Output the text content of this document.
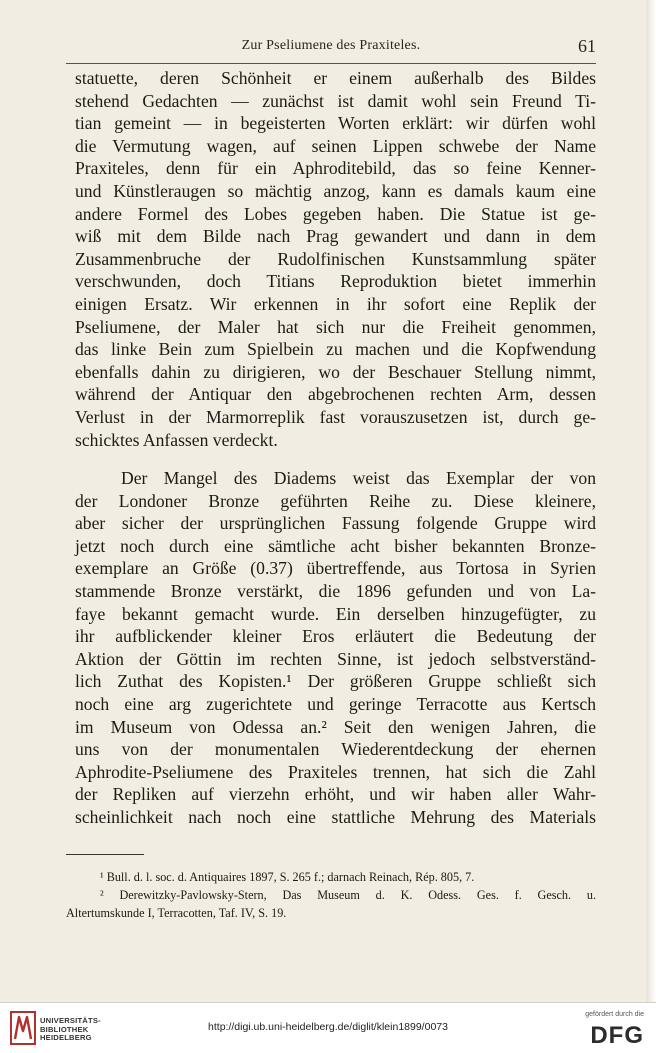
Zur Pseliumene des Praxiteles.	61
statuette, deren Schönheit er einem außerhalb des Bildes
stehend Gedachten — zunächst ist damit wohl sein Freund Ti-
tian gemeint — in begeisterten Worten erklärt: wir dürfen wohl
die Vermutung wagen, auf seinen Lippen schwebe der Name
Praxiteles, denn für ein Aphroditebild, das so feine Kenner-
und Künstleraugen so mächtig anzog, kann es damals kaum eine
andere Formel des Lobes gegeben haben. Die Statue ist ge-
wiß mit dem Bilde nach Prag gewandert und dann in dem
Zusammenbruche der Rudolfinischen Kunstsammlung später
verschwunden, doch Titians Reproduktion bietet immerhin
einigen Ersatz. Wir erkennen in ihr sofort eine Replik der
Pseliumene, der Maler hat sich nur die Freiheit genommen,
das linke Bein zum Spielbein zu machen und die Kopfwendung
ebenfalls dahin zu dirigieren, wo der Beschauer Stellung nimmt,
während der Antiquar den abgebrochenen rechten Arm, dessen
Verlust in der Marmorreplik fast vorauszusetzen ist, durch ge-
schicktes Anfassen verdeckt.
Der Mangel des Diadems weist das Exemplar der von
der Londoner Bronze geführten Reihe zu. Diese kleinere,
aber sicher der ursprünglichen Fassung folgende Gruppe wird
jetzt noch durch eine sämtliche acht bisher bekannten Bronze-
exemplare an Größe (0.37) übertreffende, aus Tortosa in Syrien
stammende Bronze verstärkt, die 1896 gefunden und von La-
faye bekannt gemacht wurde. Ein derselben hinzugefügter, zu
ihr aufblickender kleiner Eros erläutert die Bedeutung der
Aktion der Göttin im rechten Sinne, ist jedoch selbstverständ-
lich Zuthat des Kopisten.¹ Der größeren Gruppe schließt sich
noch eine arg zugerichtete und geringe Terracotte aus Kertsch
im Museum von Odessa an.² Seit den wenigen Jahren, die
uns von der monumentalen Wiederentdeckung der ehernen
Aphrodite-Pseliumene des Praxiteles trennen, hat sich die Zahl
der Repliken auf vierzehn erhöht, und wir haben aller Wahr-
scheinlichkeit nach noch eine stattliche Mehrung des Materials
¹ Bull. d. l. soc. d. Antiquaires 1897, S. 265 f.; darnach Reinach, Rép. 805, 7.
² Derewitzky-Pavlowsky-Stern, Das Museum d. K. Odess. Ges. f. Gesch. u.
Altertumskunde I, Terracotten, Taf. IV, S. 19.
UNIVERSITÄTS-
BIBLIOTHEK
HEIDELBERG
http://digi.ub.uni-heidelberg.de/diglit/klein1899/0073
gefördert durch die
DFG
